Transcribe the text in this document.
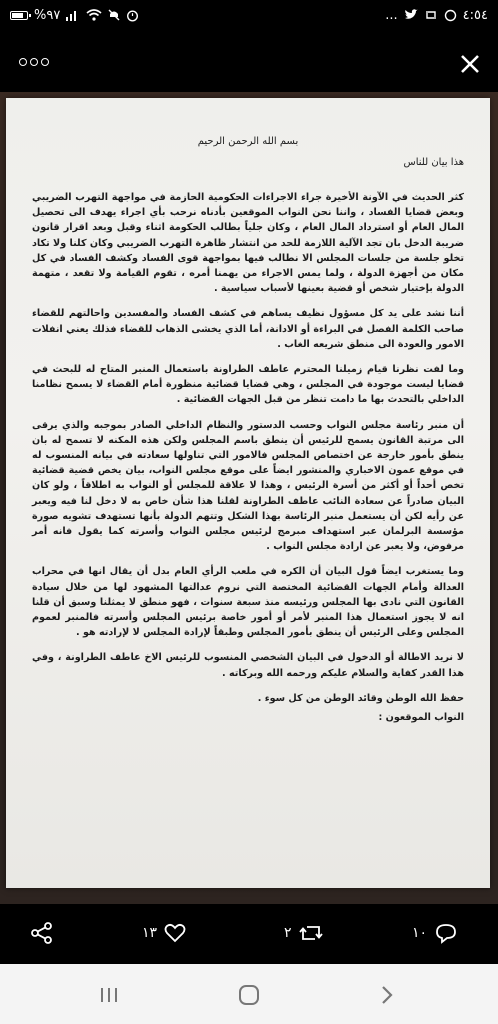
%٩٧	...	٤:٥٤
بسم الله الرحمن الرحيم
هذا بيان للناس

كثر الحديث في الآونة الأخيرة جراء الاجراءات الحكومية الحازمة في مواجهة التهرب الضريبي وبعض قضايا الفساد ، واننا نحن النواب الموقعين بأدناه نرحب بأي اجراء يهدف الى تحصيل المال العام أو استرداد المال العام ، وكان جلياً بطالب الحكومة اثناء وقبل وبعد اقرار قانون ضريبة الدخل بان تجد الآلية اللازمة للحد من انتشار ظاهرة التهرب الضريبي وكان كلنا ولا تكاد تخلو جلسة من جلسات المجلس الا نطالب فيها بمواجهة قوى الفساد وكشف الفساد في كل مكان من أجهزة الدولة ، ولما يمس الاجراء من يهمنا أمره ، تقوم القيامة ولا تقعد ، متهمة الدولة بإختيار شخص أو قضية بعينها لأسباب سياسية .

أننا نشد على يد كل مسؤول نظيف يساهم في كشف الفساد والمفسدين واحالتهم للقضاء صاحب الكلمة الفصل في البراءة أو الادانة، أما الذي يخشى الذهاب للقضاء فذلك يعني انفلات الامور والعودة الى منطق شريعه الغاب .

وما لفت نظرنا قيام زميلنا المحترم عاطف الطراونة باستعمال المنبر المتاح له للبحث في قضايا ليست موجودة في المجلس ، وهي قضايا قضائية منظورة أمام القضاء لا يسمح نظامنا الداخلي بالتحدث بها ما دامت تنظر من قبل الجهات القضائية .

أن منبر رئاسة مجلس النواب وحسب الدستور والنظام الداخلي الصادر بموجبه والذي يرقى الى مرتبة القانون يسمح للرئيس أن ينطق باسم المجلس ولكن هذه المكنه لا تسمح له بان ينطق بأمور خارجة عن اختصاص المجلس فالامور التي تناولها سعادته في بيانه المنسوب له في موقع عمون الاخباري والمنشور ايضاً على موقع مجلس النواب، بيان يخص قضية قضائية تخص أحداً أو أكثر من أسرة الرئيس ، وهذا لا علاقة للمجلس أو النواب به اطلاقاً ، ولو كان البيان صادراً عن سعادة النائب عاطف الطراونة لقلنا هذا شأن خاص به لا دخل لنا فيه ويعبر عن رأيه لكن أن يستعمل منبر الرئاسة بهذا الشكل وتتهم الدولة بأنها تستهدف تشويه صورة مؤسسة البرلمان عبر استهداف مبرمج لرئيس مجلس النواب وأسرته كما يقول فانه أمر مرفوض، ولا يعبر عن ارادة مجلس النواب .

وما يستغرب ايضاً قول البيان أن الكره في ملعب الرأي العام بدل أن يقال انها في محراب العدالة وأمام الجهات القضائية المختصة التي نروم عدالتها المشهود لها من خلال سيادة القانون التي نادى بها المجلس ورئيسه منذ سبعة سنوات ، فهو منطق لا يمثلنا وسبق أن قلنا انه لا يجوز استعمال هذا المنبر لأمر أو أمور خاصة برئيس المجلس وأسرته فالمنبر لعموم المجلس وعلى الرئيس أن ينطق بأمور المجلس وطبقاً لإرادة المجلس لا لإرادته هو .

لا نريد الاطالة أو الدخول في البيان الشخصي المنسوب للرئيس الاخ عاطف الطراونة ، وفي هذا القدر كفاية والسلام عليكم ورحمه الله وبركاته .

حفظ الله الوطن وقائد الوطن من كل سوء .
النواب الموقعون :
١٣	٢	١٠
